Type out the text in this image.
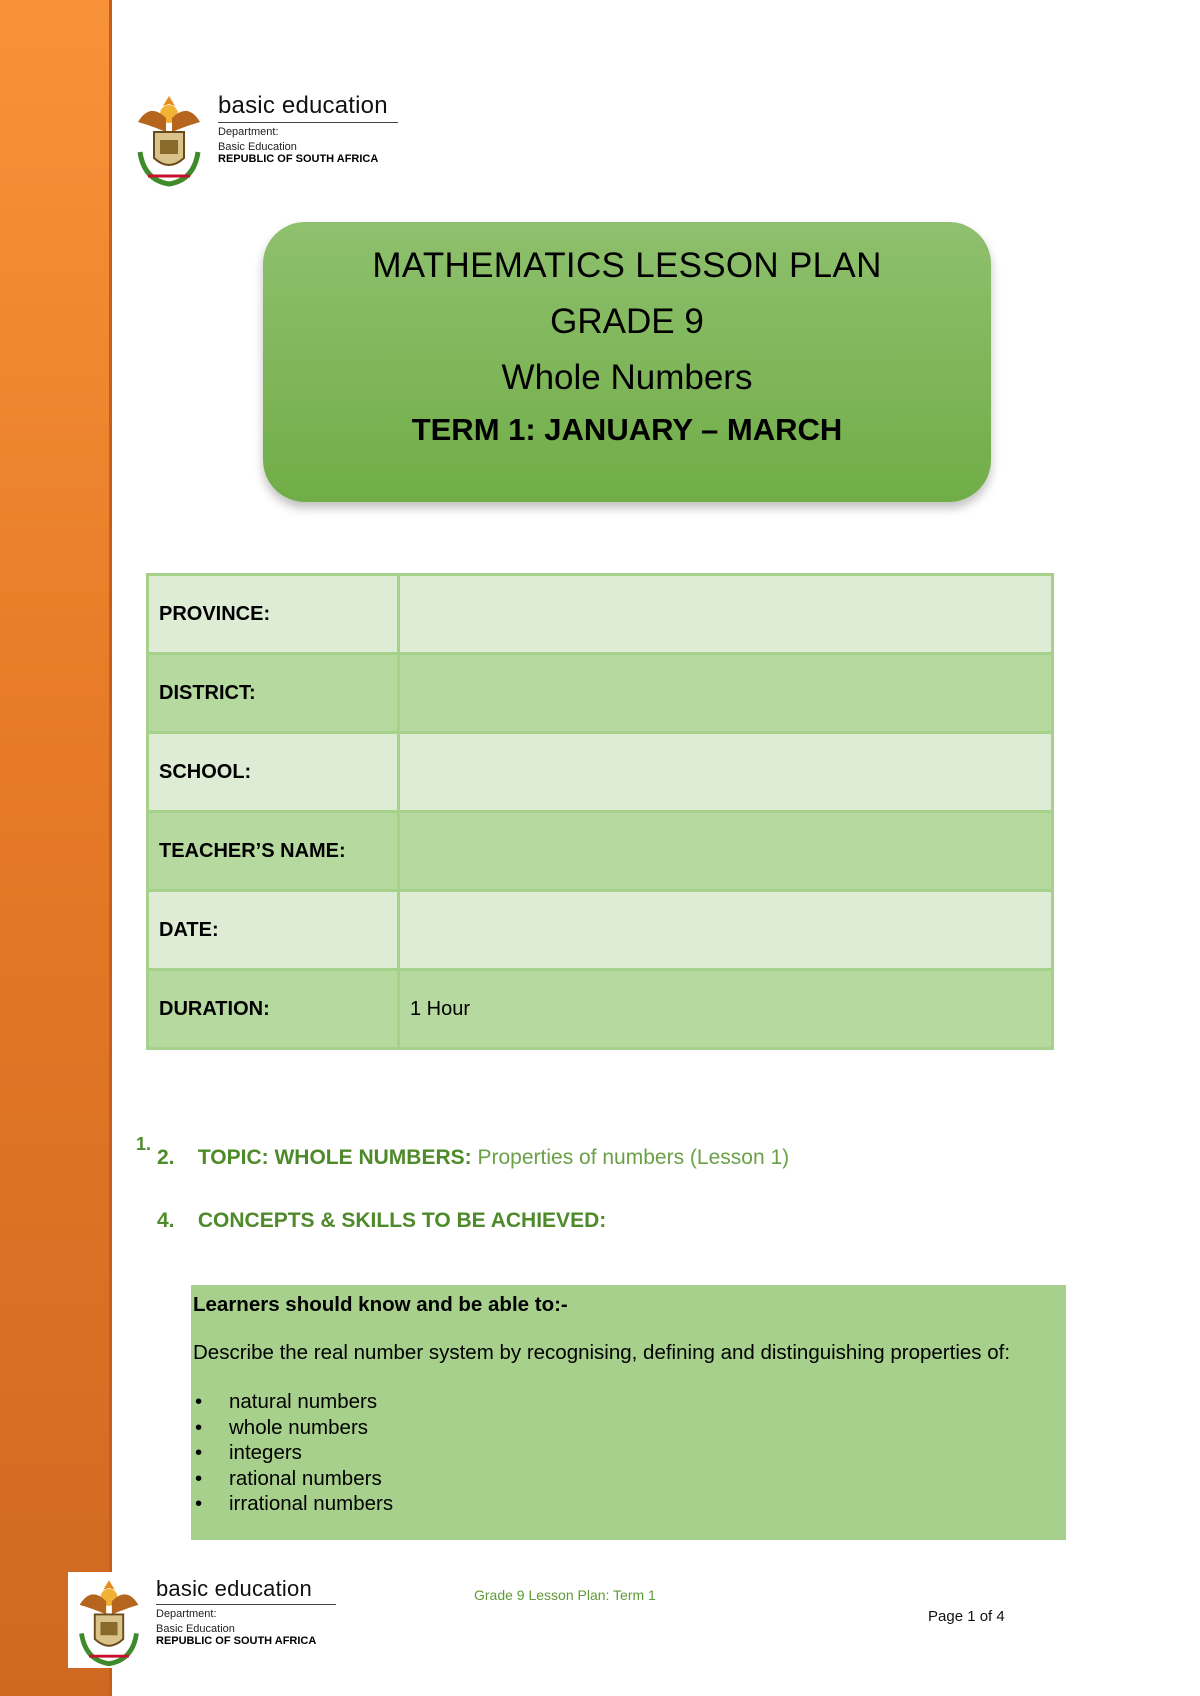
basic education
Department:
Basic Education
REPUBLIC OF SOUTH AFRICA
MATHEMATICS LESSON PLAN
GRADE 9
Whole Numbers
TERM 1: JANUARY – MARCH
PROVINCE:	
DISTRICT:	
SCHOOL:	
TEACHER’S NAME:	
DATE:	
DURATION:	1 Hour
1.
2. TOPIC: WHOLE NUMBERS: Properties of numbers (Lesson 1)
4. CONCEPTS & SKILLS TO BE ACHIEVED:
Learners should know and be able to:-
Describe the real number system by recognising, defining and distinguishing properties of:
• natural numbers
• whole numbers
• integers
• rational numbers
• irrational numbers
basic education
Department:
Basic Education
REPUBLIC OF SOUTH AFRICA
Grade 9 Lesson Plan: Term 1
Page 1 of 4
